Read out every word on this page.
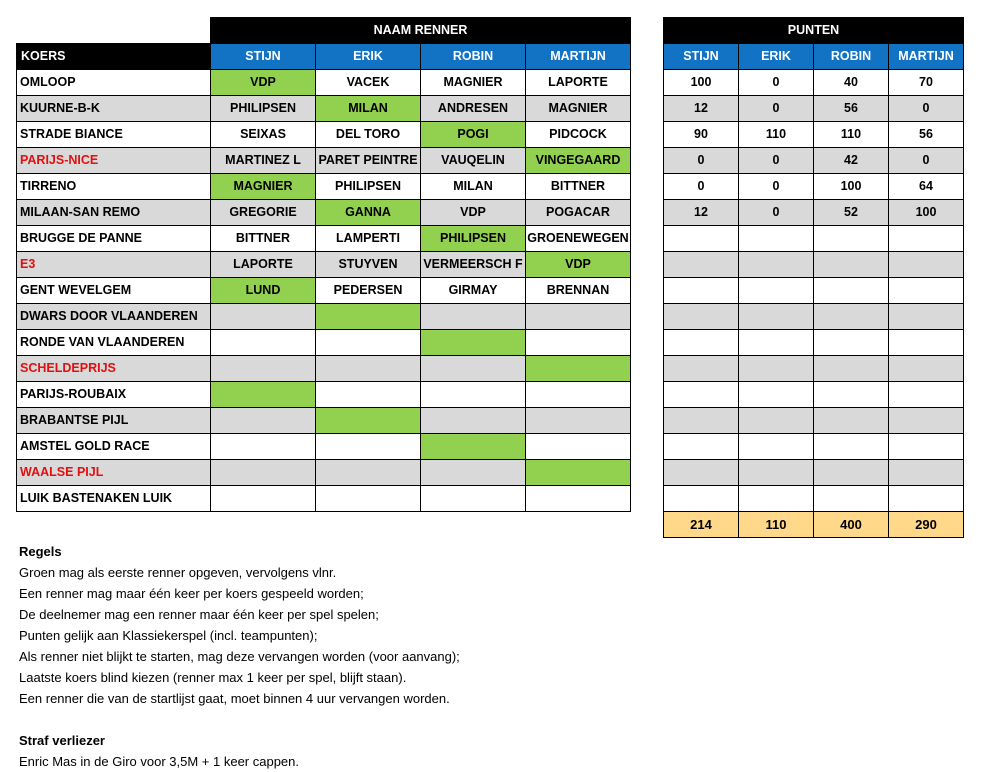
	NAAM RENNER			
KOERS	STIJN	ERIK	ROBIN	MARTIJN
OMLOOP	VDP	VACEK	MAGNIER	LAPORTE
KUURNE-B-K	PHILIPSEN	MILAN	ANDRESEN	MAGNIER
STRADE BIANCE	SEIXAS	DEL TORO	POGI	PIDCOCK
PARIJS-NICE	MARTINEZ L	PARET PEINTRE	VAUQELIN	VINGEGAARD
TIRRENO	MAGNIER	PHILIPSEN	MILAN	BITTNER
MILAAN-SAN REMO	GREGORIE	GANNA	VDP	POGACAR
BRUGGE DE PANNE	BITTNER	LAMPERTI	PHILIPSEN	GROENEWEGEN
E3	LAPORTE	STUYVEN	VERMEERSCH F	VDP
GENT WEVELGEM	LUND	PEDERSEN	GIRMAY	BRENNAN
DWARS DOOR VLAANDEREN				
RONDE VAN VLAANDEREN				
SCHELDEPRIJS				
PARIJS-ROUBAIX				
BRABANTSE PIJL				
AMSTEL GOLD RACE				
WAALSE PIJL				
LUIK BASTENAKEN LUIK				
PUNTEN			
STIJN	ERIK	ROBIN	MARTIJN
100	0	40	70
12	0	56	0
90	110	110	56
0	0	42	0
0	0	100	64
12	0	52	100

214	110	400	290
Regels
Groen mag als eerste renner opgeven, vervolgens vlnr.
Een renner mag maar één keer per koers gespeeld worden;
De deelnemer mag een renner maar één keer per spel spelen;
Punten gelijk aan Klassiekerspel (incl. teampunten);
Als renner niet blijkt te starten, mag deze vervangen worden (voor aanvang);
Laatste koers blind kiezen (renner max 1 keer per spel, blijft staan).
Een renner die van de startlijst gaat, moet binnen 4 uur vervangen worden.
Straf verliezer
Enric Mas in de Giro voor 3,5M + 1 keer cappen.
